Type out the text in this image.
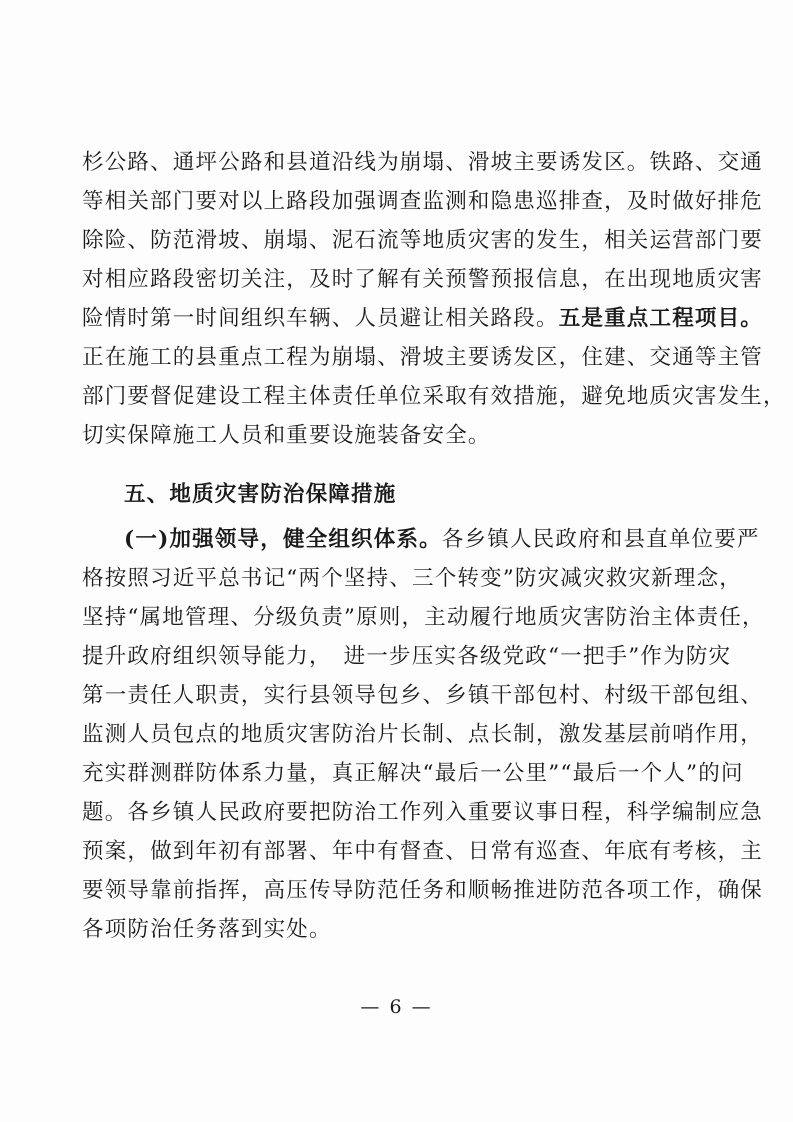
杉公路、通坪公路和县道沿线为崩塌、滑坡主要诱发区。铁路、交通
等相关部门要对以上路段加强调查监测和隐患巡排查，及时做好排危
除险、防范滑坡、崩塌、泥石流等地质灾害的发生，相关运营部门要
对相应路段密切关注，及时了解有关预警预报信息，在出现地质灾害
险情时第一时间组织车辆、人员避让相关路段。五是重点工程项目。
正在施工的县重点工程为崩塌、滑坡主要诱发区，住建、交通等主管
部门要督促建设工程主体责任单位采取有效措施，避免地质灾害发生，
切实保障施工人员和重要设施装备安全。
五、地质灾害防治保障措施
(一)加强领导，健全组织体系。各乡镇人民政府和县直单位要严
格按照习近平总书记“两个坚持、三个转变”防灾减灾救灾新理念，
坚持“属地管理、分级负责”原则，主动履行地质灾害防治主体责任，
提升政府组织领导能力，　进一步压实各级党政“一把手”作为防灾
第一责任人职责，实行县领导包乡、乡镇干部包村、村级干部包组、
监测人员包点的地质灾害防治片长制、点长制，激发基层前哨作用，
充实群测群防体系力量，真正解决“最后一公里”“最后一个人”的问
题。各乡镇人民政府要把防治工作列入重要议事日程，科学编制应急
预案，做到年初有部署、年中有督查、日常有巡查、年底有考核，主
要领导靠前指挥，高压传导防范任务和顺畅推进防范各项工作，确保
各项防治任务落到实处。
— 6 —
